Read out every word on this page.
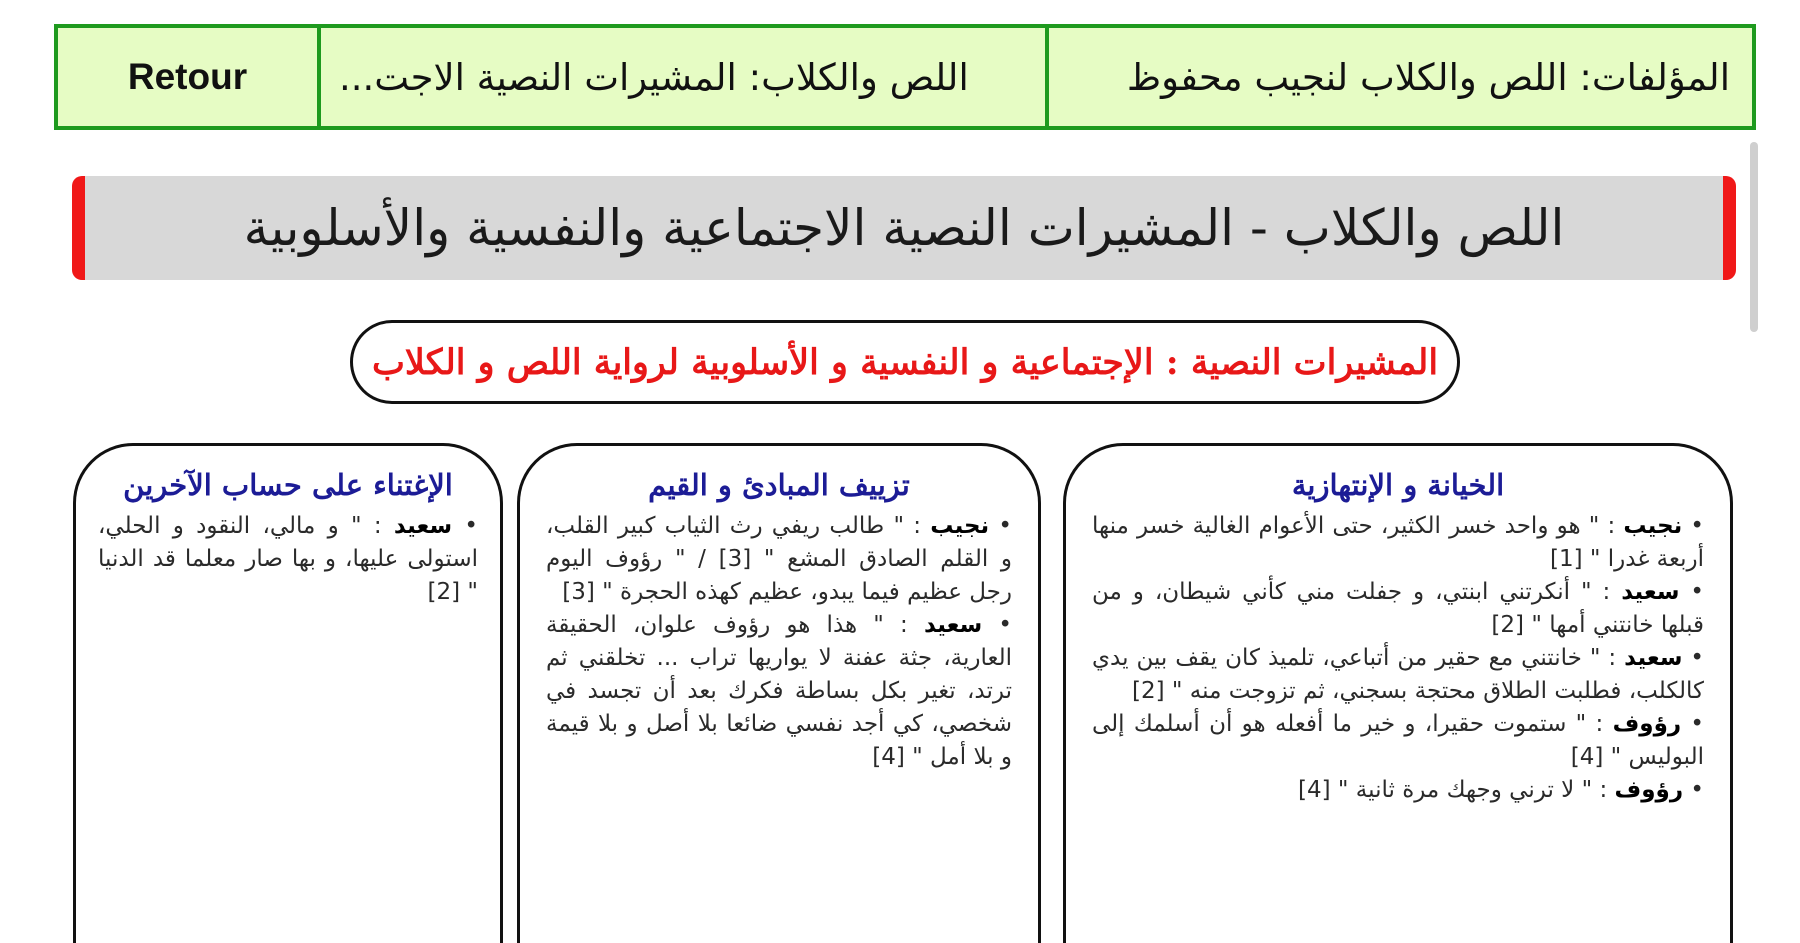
Retour	اللص والكلاب: المشيرات النصية الاجت...	المؤلفات: اللص والكلاب لنجيب محفوظ
اللص والكلاب - المشيرات النصية الاجتماعية والنفسية والأسلوبية
المشيرات النصية : الإجتماعية و النفسية و الأسلوبية لرواية اللص و الكلاب
الخيانة و الإنتهازية
• نجيب : " هو واحد خسر الكثير، حتى الأعوام الغالية خسر منها أربعة غدرا " [1]
• سعيد : " أنكرتني ابنتي، و جفلت مني كأني شيطان، و من قبلها خانتني أمها " [2]
• سعيد : " خانتني مع حقير من أتباعي، تلميذ كان يقف بين يدي كالكلب، فطلبت الطلاق محتجة بسجني، ثم تزوجت منه " [2]
• رؤوف : " ستموت حقيرا، و خير ما أفعله هو أن أسلمك إلى البوليس " [4]
• رؤوف : " لا ترني وجهك مرة ثانية " [4]
تزييف المبادئ و القيم
• نجيب : " طالب ريفي رث الثياب كبير القلب، و القلم الصادق المشع " [3] / " رؤوف اليوم رجل عظيم فيما يبدو، عظيم كهذه الحجرة " [3]
• سعيد : " هذا هو رؤوف علوان، الحقيقة العارية، جثة عفنة لا يواريها تراب ... تخلقني ثم ترتد، تغير بكل بساطة فكرك بعد أن تجسد في شخصي، كي أجد نفسي ضائعا بلا أصل و بلا قيمة و بلا أمل " [4]
الإغتناء على حساب الآخرين
• سعيد : " و مالي، النقود و الحلي، استولى عليها، و بها صار معلما قد الدنيا " [2]
